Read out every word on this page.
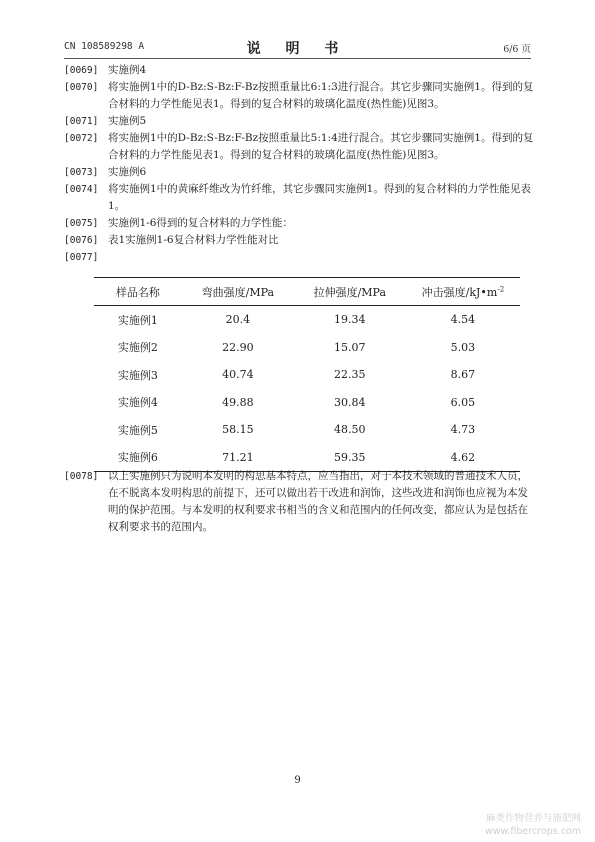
CN 108589298 A	说 明 书	6/6 页
[0069] 实施例4
[0070] 将实施例1中的D-Bz:S-Bz:F-Bz按照重量比6:1:3进行混合。其它步骤同实施例1。得到的复合材料的力学性能见表1。得到的复合材料的玻璃化温度(热性能)见图3。
[0071] 实施例5
[0072] 将实施例1中的D-Bz:S-Bz:F-Bz按照重量比5:1:4进行混合。其它步骤同实施例1。得到的复合材料的力学性能见表1。得到的复合材料的玻璃化温度(热性能)见图3。
[0073] 实施例6
[0074] 将实施例1中的黄麻纤维改为竹纤维，其它步骤同实施例1。得到的复合材料的力学性能见表1。
[0075] 实施例1-6得到的复合材料的力学性能：
[0076] 表1实施例1-6复合材料力学性能对比
[0077]
样品名称	弯曲强度/MPa	拉伸强度/MPa	冲击强度$/kJ•m^{-2}$
实施例1	20.4	19.34	4.54
实施例2	22.90	15.07	5.03
实施例3	40.74	22.35	8.67
实施例4	49.88	30.84	6.05
实施例5	58.15	48.50	4.73
实施例6	71.21	59.35	4.62
[0078] 以上实施例只为说明本发明的构思基本特点，应当指出，对于本技术领域的普通技术人员，在不脱离本发明构思的前提下，还可以做出若干改进和润饰，这些改进和润饰也应视为本发明的保护范围。与本发明的权利要求书相当的含义和范围内的任何改变，都应认为是包括在权利要求书的范围内。
9
麻类作物营养与施肥网
www.fibercrops.com
